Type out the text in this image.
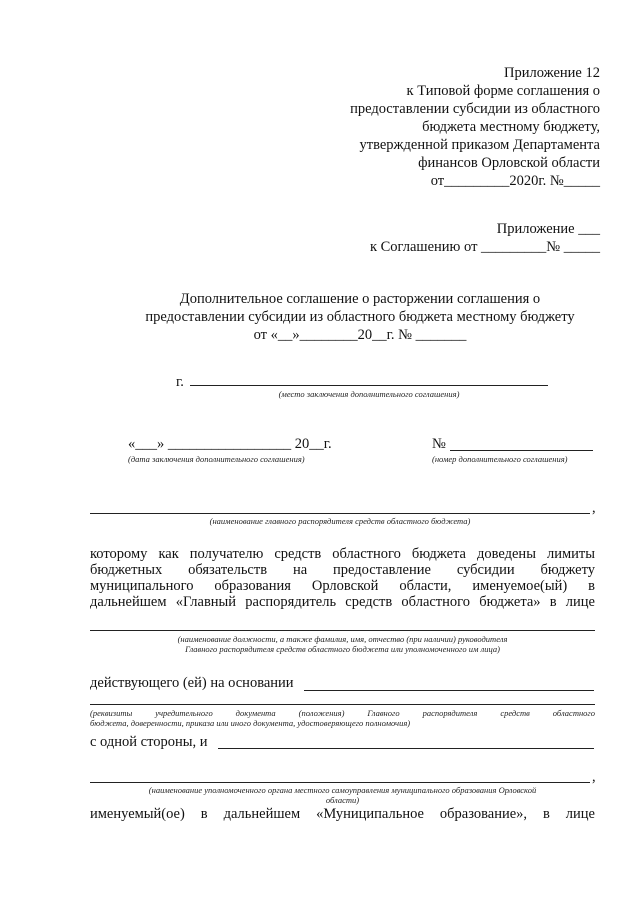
Приложение 12
к Типовой форме соглашения о
предоставлении субсидии из областного
бюджета местному бюджету,
утвержденной приказом Департамента
финансов Орловской области
от_________2020г. №_____
Приложение ___
к Соглашению от _________№ _____
Дополнительное соглашение о расторжении соглашения о
предоставлении субсидии из областного бюджета местному бюджету
от «__»________20__г. № _______
г.
(место заключения дополнительного соглашения)
«___» _________________ 20__г.
(дата заключения дополнительного соглашения)
№
(номер дополнительного соглашения)
,
(наименование главного распорядителя средств областного бюджета)
которому как получателю средств областного бюджета доведены лимиты
бюджетных обязательств на предоставление субсидии бюджету
муниципального образования Орловской области, именуемое(ый) в
дальнейшем «Главный распорядитель средств областного бюджета» в лице
(наименование должности, а также фамилия, имя, отчество (при наличии) руководителя
Главного распорядителя средств областного бюджета или уполномоченного им лица)
действующего (ей) на основании
(реквизиты учредительного документа (положения) Главного распорядителя средств областного
бюджета, доверенности, приказа или иного документа, удостоверяющего полномочия)
с одной стороны, и
,
(наименование уполномоченного органа местного самоуправления муниципального образования Орловской
области)
именуемый(ое) в дальнейшем «Муниципальное образование», в лице
